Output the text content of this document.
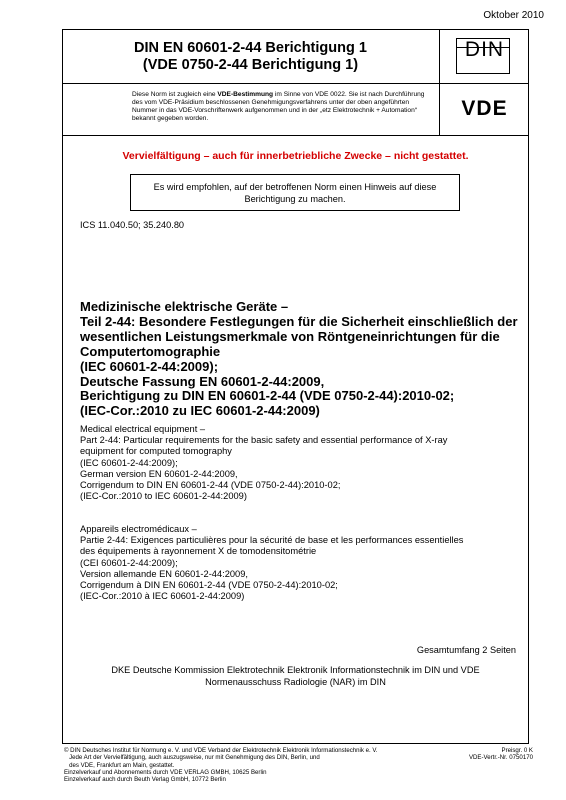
Oktober 2010
DIN EN 60601-2-44 Berichtigung 1
(VDE 0750-2-44 Berichtigung 1)
DIN
Diese Norm ist zugleich eine VDE-Bestimmung im Sinne von VDE 0022. Sie ist nach Durchführung des vom VDE-Präsidium beschlossenen Genehmigungsverfahrens unter der oben angeführten Nummer in das VDE-Vorschriftenwerk aufgenommen und in der „etz Elektrotechnik + Automation“ bekannt gegeben worden.	VDE
Vervielfältigung – auch für innerbetriebliche Zwecke – nicht gestattet.
Es wird empfohlen, auf der betroffenen Norm einen Hinweis auf diese Berichtigung zu machen.
ICS 11.040.50; 35.240.80
Medizinische elektrische Geräte –
Teil 2-44: Besondere Festlegungen für die Sicherheit einschließlich der
wesentlichen Leistungsmerkmale von Röntgeneinrichtungen für die
Computertomographie
(IEC 60601-2-44:2009);
Deutsche Fassung EN 60601-2-44:2009,
Berichtigung zu DIN EN 60601-2-44 (VDE 0750-2-44):2010-02;
(IEC-Cor.:2010 zu IEC 60601-2-44:2009)
Medical electrical equipment –
Part 2-44: Particular requirements for the basic safety and essential performance of X-ray
equipment for computed tomography
(IEC 60601-2-44:2009);
German version EN 60601-2-44:2009,
Corrigendum to DIN EN 60601-2-44 (VDE 0750-2-44):2010-02;
(IEC-Cor.:2010 to IEC 60601-2-44:2009)
Appareils electromédicaux –
Partie 2-44: Exigences particulières pour la sécurité de base et les performances essentielles
des équipements à rayonnement X de tomodensitométrie
(CEI 60601-2-44:2009);
Version allemande EN 60601-2-44:2009,
Corrigendum à DIN EN 60601-2-44 (VDE 0750-2-44):2010-02;
(IEC-Cor.:2010 à IEC 60601-2-44:2009)
Gesamtumfang 2 Seiten
DKE Deutsche Kommission Elektrotechnik Elektronik Informationstechnik im DIN und VDE
Normenausschuss Radiologie (NAR) im DIN
© DIN Deutsches Institut für Normung e. V. und VDE Verband der Elektrotechnik Elektronik Informationstechnik e. V.
Jede Art der Vervielfältigung, auch auszugsweise, nur mit Genehmigung des DIN, Berlin, und
des VDE, Frankfurt am Main, gestattet.
Einzelverkauf und Abonnements durch VDE VERLAG GMBH, 10625 Berlin
Einzelverkauf auch durch Beuth Verlag GmbH, 10772 Berlin
Preisgr. 0 K
VDE-Vertr.-Nr. 0750170
